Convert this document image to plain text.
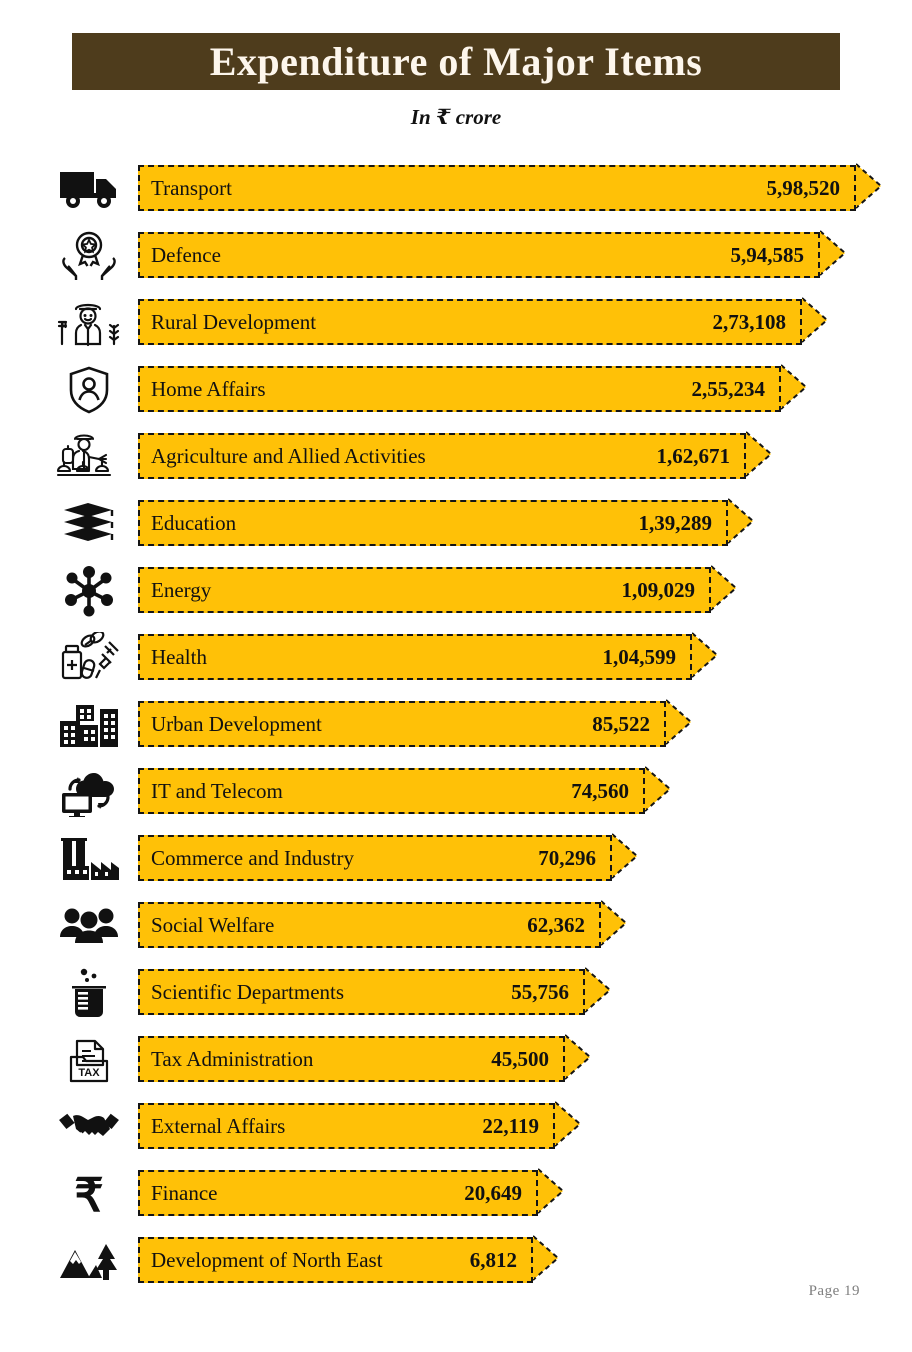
Expenditure of Major Items
In ₹ crore
Transport	5,98,520
Defence	5,94,585
Rural Development	2,73,108
Home Affairs	2,55,234
Agriculture and Allied Activities	1,62,671
Education	1,39,289
Energy	1,09,029
Health	1,04,599
Urban Development	85,522
IT and Telecom	74,560
Commerce and Industry	70,296
Social Welfare	62,362
Scientific Departments	55,756
TAX
Tax Administration	45,500
External Affairs	22,119
₹	Finance	20,649
Development of North East	6,812
Page 19
